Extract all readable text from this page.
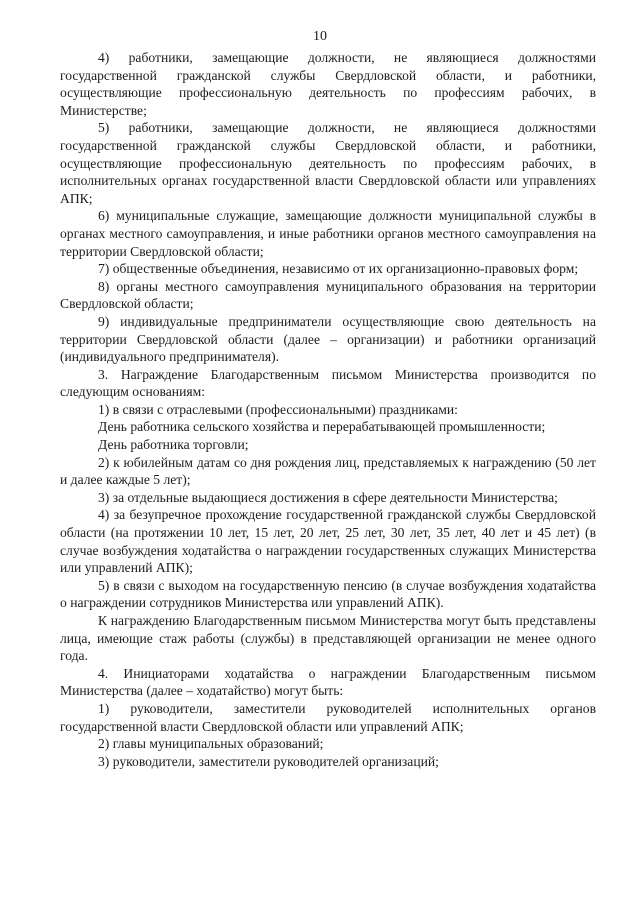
10

4) работники, замещающие должности, не являющиеся должностями государственной гражданской службы Свердловской области, и работники, осуществляющие профессиональную деятельность по профессиям рабочих, в Министерстве;

5) работники, замещающие должности, не являющиеся должностями государственной гражданской службы Свердловской области, и работники, осуществляющие профессиональную деятельность по профессиям рабочих, в исполнительных органах государственной власти Свердловской области или управлениях АПК;

6) муниципальные служащие, замещающие должности муниципальной службы в органах местного самоуправления, и иные работники органов местного самоуправления на территории Свердловской области;

7) общественные объединения, независимо от их организационно-правовых форм;

8) органы местного самоуправления муниципального образования на территории Свердловской области;

9) индивидуальные предприниматели осуществляющие свою деятельность на территории Свердловской области (далее – организации) и работники организаций (индивидуального предпринимателя).

3. Награждение Благодарственным письмом Министерства производится по следующим основаниям:

1) в связи с отраслевыми (профессиональными) праздниками:

День работника сельского хозяйства и перерабатывающей промышленности;

День работника торговли;

2) к юбилейным датам со дня рождения лиц, представляемых к награждению (50 лет и далее каждые 5 лет);

3) за отдельные выдающиеся достижения в сфере деятельности Министерства;

4) за безупречное прохождение государственной гражданской службы Свердловской области (на протяжении 10 лет, 15 лет, 20 лет, 25 лет, 30 лет, 35 лет, 40 лет и 45 лет) (в случае возбуждения ходатайства о награждении государственных служащих Министерства или управлений АПК);

5) в связи с выходом на государственную пенсию (в случае возбуждения ходатайства о награждении сотрудников Министерства или управлений АПК).

К награждению Благодарственным письмом Министерства могут быть представлены лица, имеющие стаж работы (службы) в представляющей организации не менее одного года.

4. Инициаторами ходатайства о награждении Благодарственным письмом Министерства (далее – ходатайство) могут быть:

1) руководители, заместители руководителей исполнительных органов государственной власти Свердловской области или управлений АПК;

2) главы муниципальных образований;

3) руководители, заместители руководителей организаций;
